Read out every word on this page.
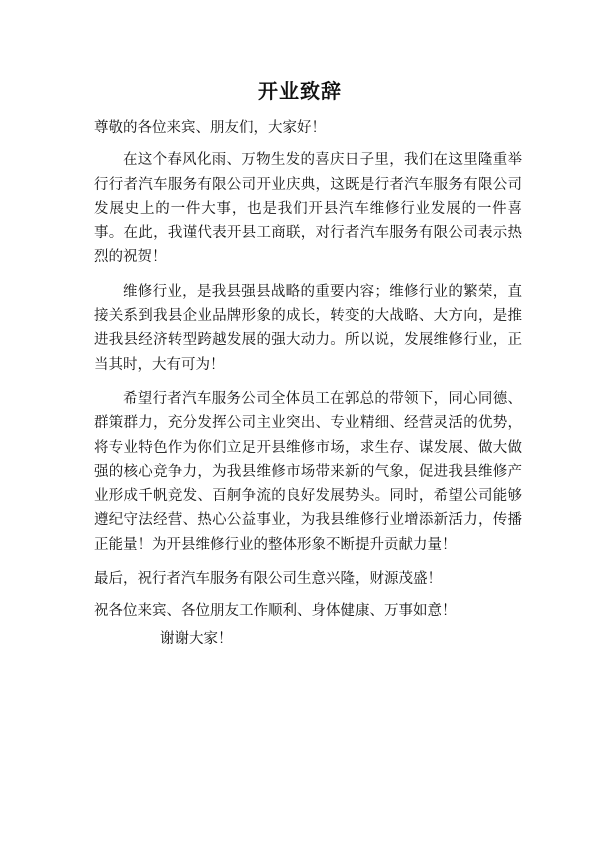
开业致辞

尊敬的各位来宾、朋友们，大家好！

在这个春风化雨、万物生发的喜庆日子里，我们在这里隆重举行行者汽车服务有限公司开业庆典，这既是行者汽车服务有限公司发展史上的一件大事，也是我们开县汽车维修行业发展的一件喜事。在此，我谨代表开县工商联，对行者汽车服务有限公司表示热烈的祝贺！

维修行业，是我县强县战略的重要内容；维修行业的繁荣，直接关系到我县企业品牌形象的成长，转变的大战略、大方向，是推进我县经济转型跨越发展的强大动力。所以说，发展维修行业，正当其时，大有可为！

希望行者汽车服务公司全体员工在郭总的带领下，同心同德、群策群力，充分发挥公司主业突出、专业精细、经营灵活的优势，将专业特色作为你们立足开县维修市场，求生存、谋发展、做大做强的核心竞争力，为我县维修市场带来新的气象，促进我县维修产业形成千帆竞发、百舸争流的良好发展势头。同时，希望公司能够遵纪守法经营、热心公益事业，为我县维修行业增添新活力，传播正能量！为开县维修行业的整体形象不断提升贡献力量！

最后，祝行者汽车服务有限公司生意兴隆，财源茂盛！

祝各位来宾、各位朋友工作顺利、身体健康、万事如意！

谢谢大家！
